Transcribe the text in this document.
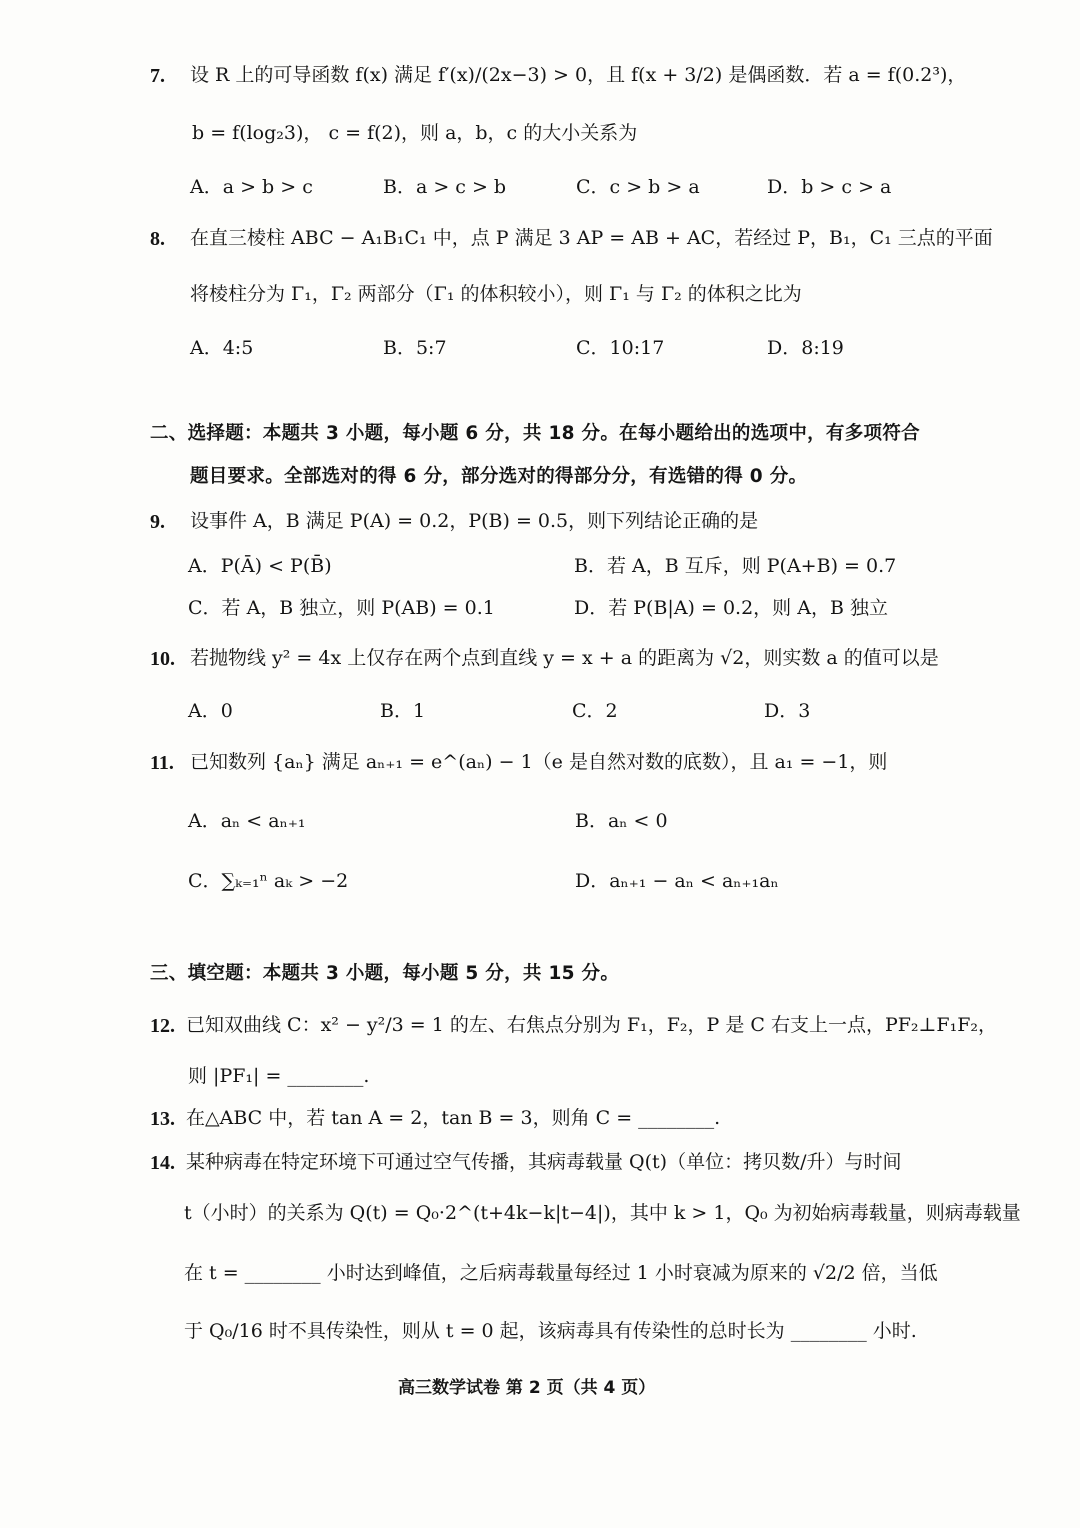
7. 设 R 上的可导函数 f(x) 满足 f′(x)/(2x−3) > 0，且 f(x + 3/2) 是偶函数．若 a = f(0.2³)，
b = f(log₂3)， c = f(2)，则 a，b，c 的大小关系为
A．a > b > c	B．a > c > b	C．c > b > a	D．b > c > a
8. 在直三棱柱 ABC − A₁B₁C₁ 中，点 P 满足 3 AP = AB + AC，若经过 P，B₁，C₁ 三点的平面
将棱柱分为 Γ₁，Γ₂ 两部分（Γ₁ 的体积较小），则 Γ₁ 与 Γ₂ 的体积之比为
A．4:5	B．5:7	C．10:17	D．8:19
二、选择题：本题共 3 小题，每小题 6 分，共 18 分。在每小题给出的选项中，有多项符合
题目要求。全部选对的得 6 分，部分选对的得部分分，有选错的得 0 分。
9. 设事件 A，B 满足 P(A) = 0.2，P(B) = 0.5，则下列结论正确的是
A．P(Ā) < P(B̄)	B．若 A，B 互斥，则 P(A+B) = 0.7
C．若 A，B 独立，则 P(AB) = 0.1	D．若 P(B|A) = 0.2，则 A，B 独立
10. 若抛物线 y² = 4x 上仅存在两个点到直线 y = x + a 的距离为 √2，则实数 a 的值可以是
A．0	B．1	C．2	D．3
11. 已知数列 {aₙ} 满足 aₙ₊₁ = e^(aₙ) − 1（e 是自然对数的底数），且 a₁ = −1，则
A．aₙ < aₙ₊₁	B．aₙ < 0
C．∑ₖ₌₁ⁿ aₖ > −2	D．aₙ₊₁ − aₙ < aₙ₊₁aₙ
三、填空题：本题共 3 小题，每小题 5 分，共 15 分。
12. 已知双曲线 C：x² − y²/3 = 1 的左、右焦点分别为 F₁，F₂，P 是 C 右支上一点，PF₂⊥F₁F₂，
则 |PF₁| = ________.
13. 在△ABC 中，若 tan A = 2，tan B = 3，则角 C = ________.
14. 某种病毒在特定环境下可通过空气传播，其病毒载量 Q(t)（单位：拷贝数/升）与时间
t（小时）的关系为 Q(t) = Q₀·2^(t+4k−k|t−4|)，其中 k > 1，Q₀ 为初始病毒载量，则病毒载量
在 t = ________ 小时达到峰值，之后病毒载量每经过 1 小时衰减为原来的 √2/2 倍，当低
于 Q₀/16 时不具传染性，则从 t = 0 起，该病毒具有传染性的总时长为 ________ 小时.
高三数学试卷 第 2 页（共 4 页）
